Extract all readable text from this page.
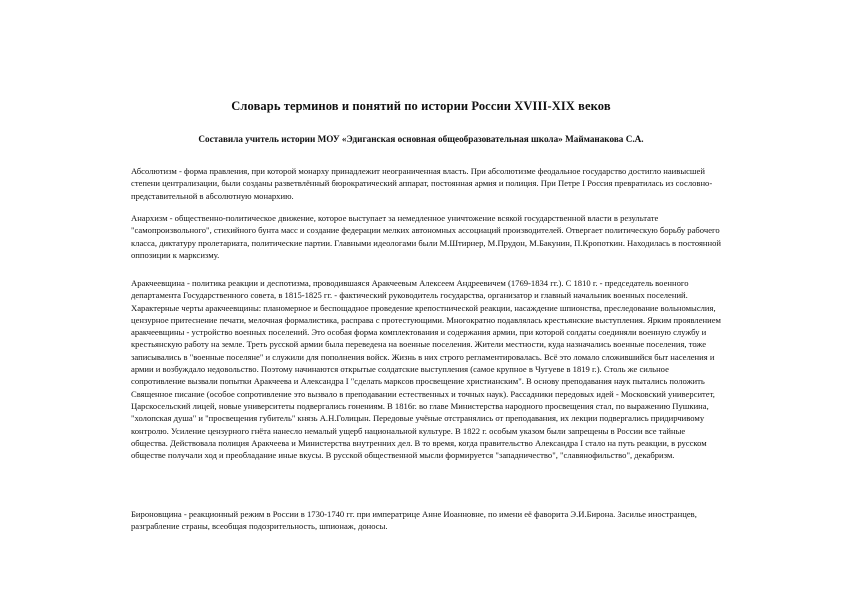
Словарь терминов и понятий по истории России XVIII-XIX веков
Составила учитель истории МОУ «Эдиганская основная общеобразовательная школа» Майманакова С.А.

Абсолютизм - форма правления, при которой монарху принадлежит неограниченная власть. При абсолютизме феодальное государство достигло наивысшей степени централизации, были созданы разветвлённый бюрократический аппарат, постоянная армия и полиция. При Петре I Россия превратилась из сословно-представительной в абсолютную монархию.

Анархизм - общественно-политическое движение, которое выступает за немедленное уничтожение всякой государственной власти в результате "самопроизвольного", стихийного бунта масс и создание федерации мелких автономных ассоциаций производителей. Отвергает политическую борьбу рабочего класса, диктатуру пролетариата, политические партии. Главными идеологами были М.Штирнер, М.Прудон, М.Бакунин, П.Кропоткин. Находилась в постоянной оппозиции к марксизму.

Аракчеевщина - политика реакции и деспотизма, проводившаяся Аракчеевым Алексеем Андреевичем (1769-1834 гг.). С 1810 г. - председатель военного департамента Государственного совета, в 1815-1825 гг. - фактический руководитель государства, организатор и главный начальник военных поселений. Характерные черты аракчеевщины: планомерное и беспощадное проведение крепостнической реакции, насаждение шпионства, преследование вольномыслия, цензурное притеснение печати, мелочная формалистика, расправа с протестующими. Многократно подавлялась крестьянские выступления. Ярким проявлением аракчеевщины - устройство военных поселений. Это особая форма комплектования и содержания армии, при которой солдаты соединяли военную службу и крестьянскую работу на земле. Треть русской армии была переведена на военные поселения. Жители местности, куда назначались военные поселения, тоже записывались в "военные поселяне" и служили для пополнения войск. Жизнь в них строго регламентировалась. Всё это ломало сложившийся быт населения и армии и возбуждало недовольство. Поэтому начинаются открытые солдатские выступления (самое крупное в Чугуеве в 1819 г.). Столь же сильное сопротивление вызвали попытки Аракчеева и Александра I "сделать марксов просвещение христианским". В основу преподавания наук пытались положить Священное писание (особое сопротивление это вызвало в преподавании естественных и точных наук). Рассадники передовых идей - Московский университет, Царскосельский лицей, новые университеты подвергались гонениям. В 1816г. во главе Министерства народного просвещения стал, по выражению Пушкина, "холопская душа" и "просвещения губитель" князь А.Н.Голицын. Передовые учёные отстранялись от преподавания, их лекции подвергались придирчивому контролю. Усиление цензурного гнёта нанесло немалый ущерб национальной культуре. В 1822 г. особым указом были запрещены в России все тайные общества. Действовала полиция Аракчеева и Министерства внутренних дел. В то время, когда правительство Александра I стало на путь реакции, в русском обществе получали ход и преобладание иные вкусы. В русской общественной мысли формируется "западничество", "славянофильство", декабризм.

Бироновщина - реакционный режим в России в 1730-1740 гг. при императрице Анне Иоанновне, по имени её фаворита Э.И.Бирона. Засилье иностранцев, разграбление страны, всеобщая подозрительность, шпионаж, доносы.
